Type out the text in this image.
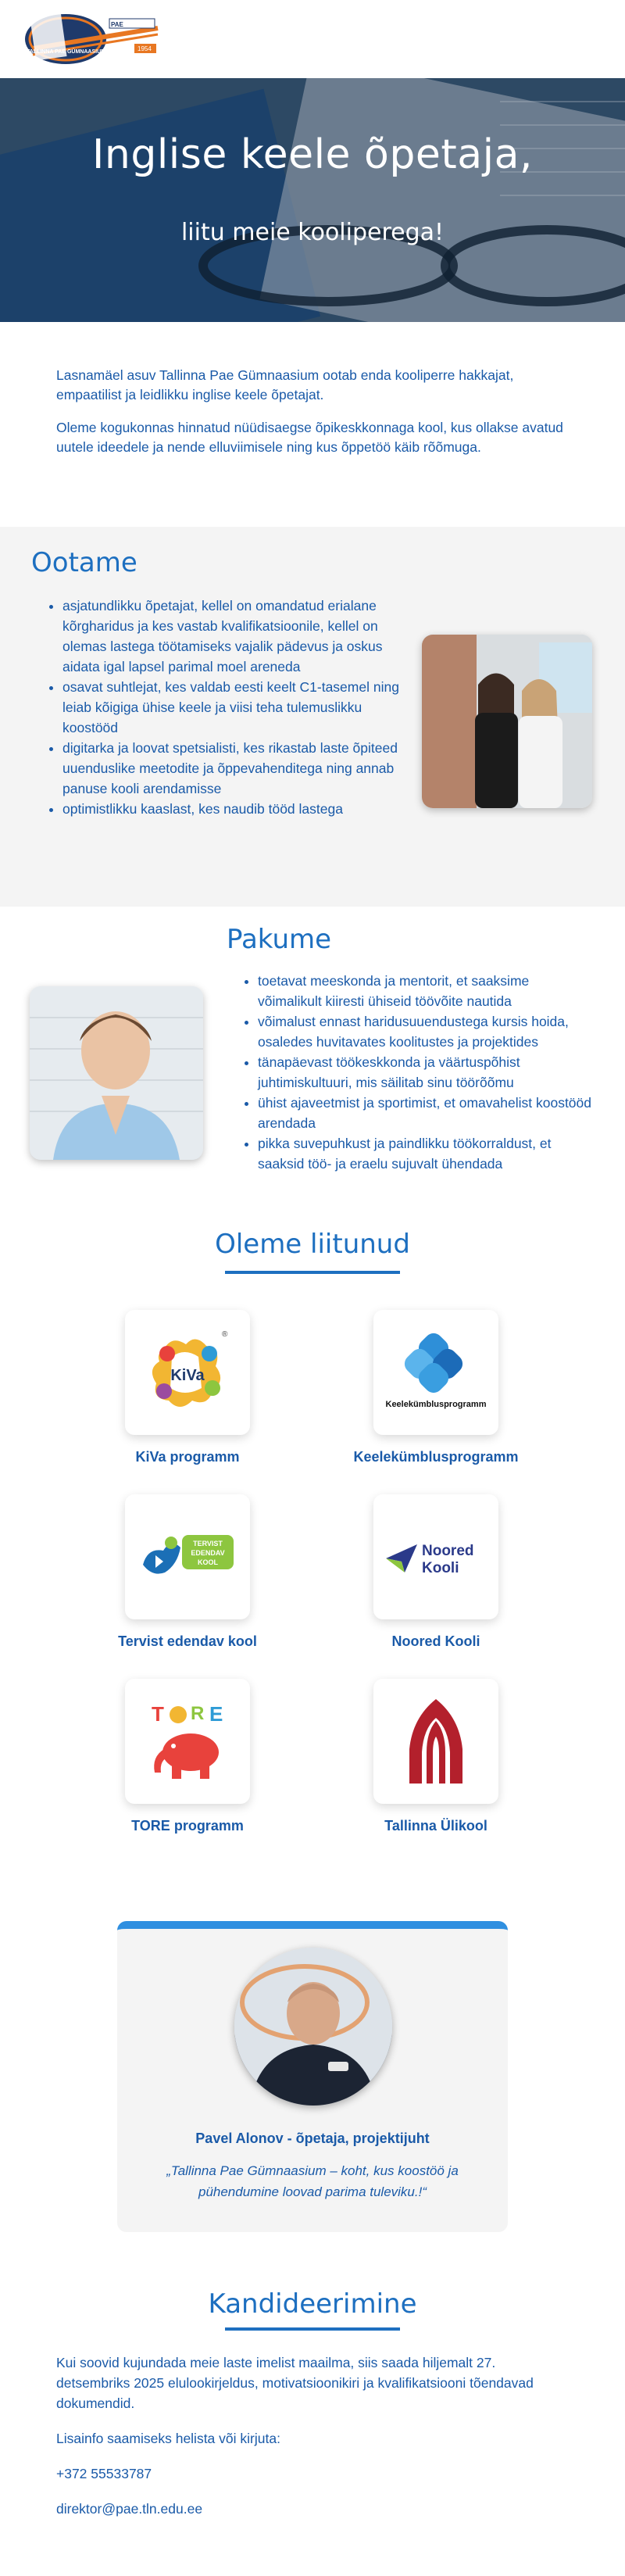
PAE
1954
TALLINNA PAE GÜMNAASIUM
Inglise keele õpetaja,
liitu meie kooliperega!

Lasnamäel asuv Tallinna Pae Gümnaasium ootab enda kooliperre hakkajat, empaatilist ja leidlikku inglise keele õpetajat.

Oleme kogukonnas hinnatud nüüdisaegse õpikeskkonnaga kool, kus ollakse avatud uutele ideedele ja nende elluviimisele ning kus õppetöö käib rõõmuga.

Ootame
• asjatundlikku õpetajat, kellel on omandatud erialane kõrgharidus ja kes vastab kvalifikatsioonile, kellel on olemas lastega töötamiseks vajalik pädevus ja oskus aidata igal lapsel parimal moel areneda
• osavat suhtlejat, kes valdab eesti keelt C1-tasemel ning leiab kõigiga ühise keele ja viisi teha tulemuslikku koostööd
• digitarka ja loovat spetsialisti, kes rikastab laste õpiteed uuenduslike meetodite ja õppevahenditega ning annab panuse kooli arendamisse
• optimistlikku kaaslast, kes naudib tööd lastega
Pakume
• toetavat meeskonda ja mentorit, et saaksime võimalikult kiiresti ühiseid töövõite nautida
• võimalust ennast haridusuuendustega kursis hoida, osaledes huvitavates koolitustes ja projektides
• tänapäevast töökeskkonda ja väärtuspõhist juhtimiskultuuri, mis säilitab sinu töörõõmu
• ühist ajaveetmist ja sportimist, et omavahelist koostööd arendada
• pikka suvepuhkust ja paindlikku töökorraldust, et saaksid töö- ja eraelu sujuvalt ühendada
Oleme liitunud
KiVa
®
KiVa programm
Keelekümblusprogramm
Keelekümblusprogramm
TERVIST
EDENDAV
KOOL
Tervist edendav kool
Noored
Kooli
Noored Kooli
T R E
TORE programm	Tallinna Ülikool
Pavel Alonov - õpetaja, projektijuht
„Tallinna Pae Gümnaasium – koht, kus koostöö ja pühendumine loovad parima tuleviku.!“
Kandideerimine

Kui soovid kujundada meie laste imelist maailma, siis saada hiljemalt 27. detsembriks 2025 elulookirjeldus, motivatsioonikiri ja kvalifikatsiooni tõendavad dokumendid.

Lisainfo saamiseks helista või kirjuta:

+372 55533787

direktor@pae.tln.edu.ee
